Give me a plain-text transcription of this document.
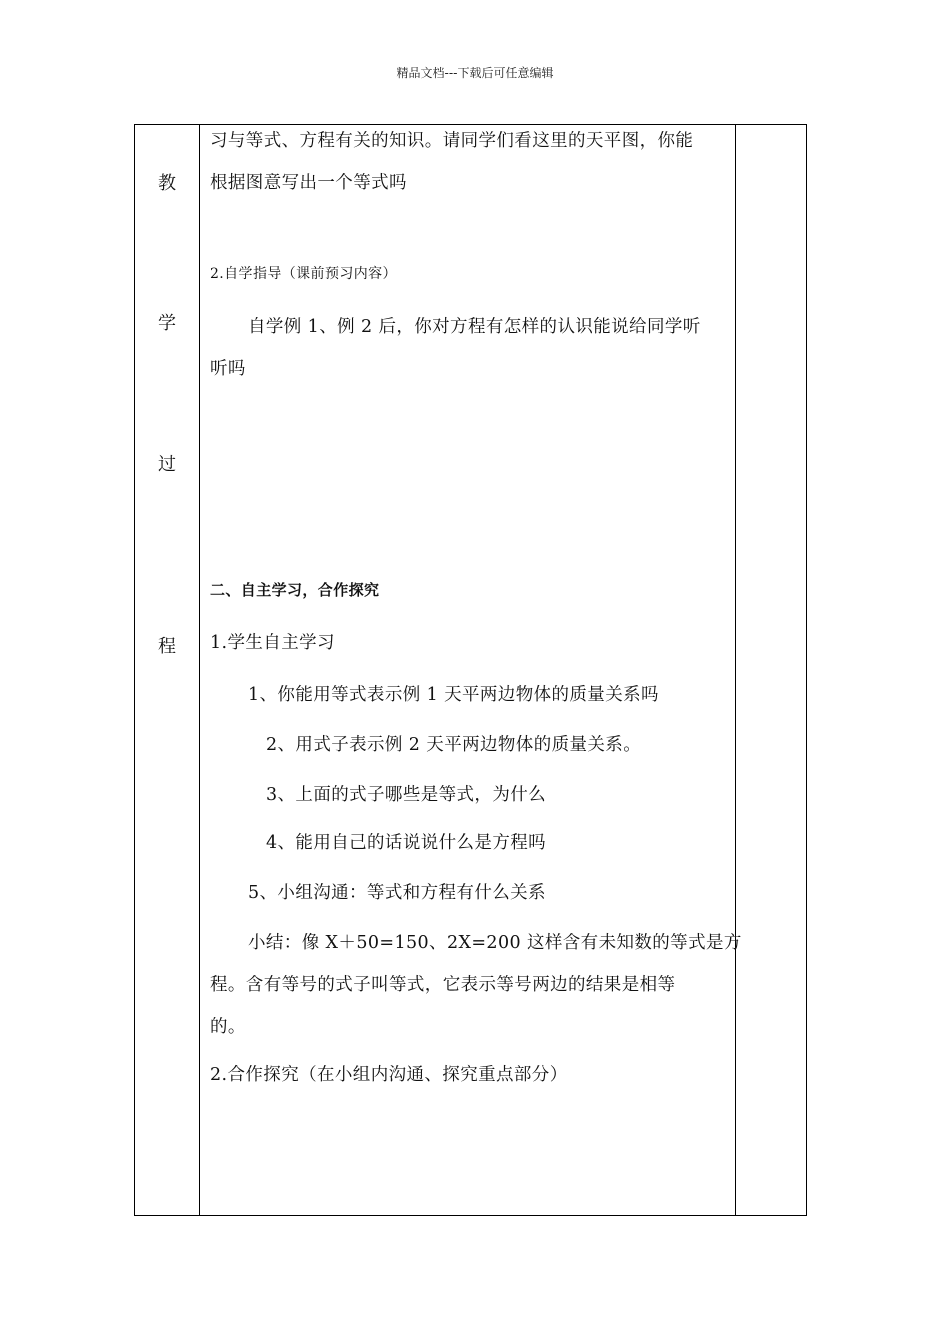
精品文档---下载后可任意编辑
教
学
过
程

习与等式、方程有关的知识。请同学们看这里的天平图，你能
根据图意写出一个等式吗
2.自学指导（课前预习内容）
自学例 1、例 2 后，你对方程有怎样的认识能说给同学听
听吗
二、自主学习，合作探究
1.学生自主学习
1、你能用等式表示例 1 天平两边物体的质量关系吗
2、用式子表示例 2 天平两边物体的质量关系。
3、上面的式子哪些是等式，为什么
4、能用自己的话说说什么是方程吗
5、小组沟通：等式和方程有什么关系
小结：像 X＋50=150、2X=200 这样含有未知数的等式是方
程。含有等号的式子叫等式，它表示等号两边的结果是相等
的。
2.合作探究（在小组内沟通、探究重点部分）
